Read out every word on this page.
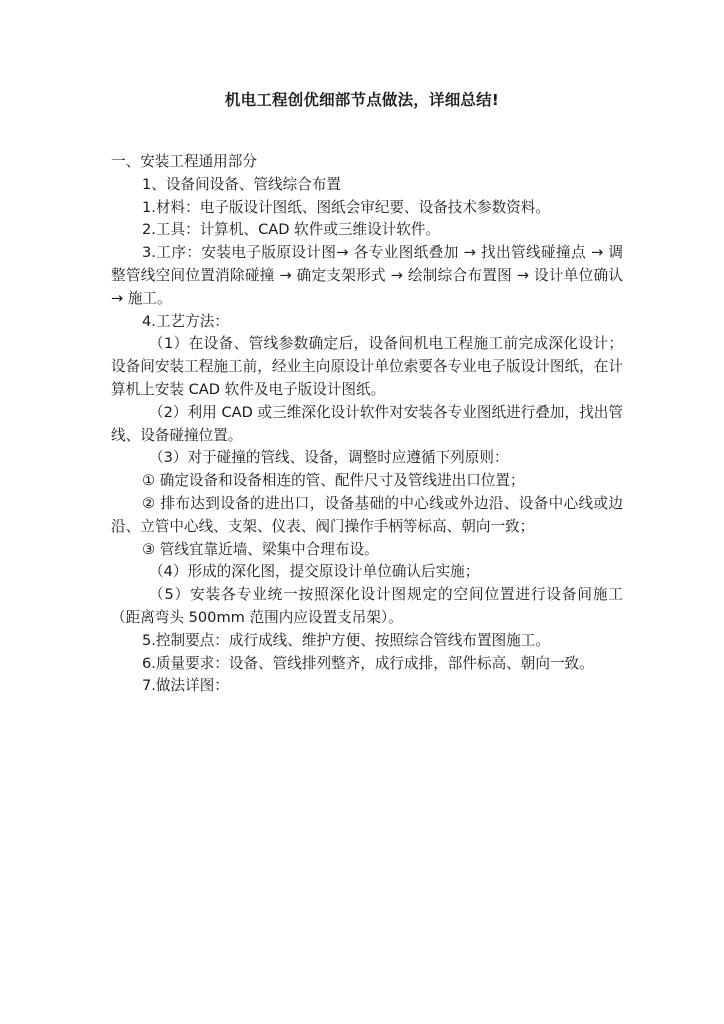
机电工程创优细部节点做法，详细总结!

一、安装工程通用部分

1、设备间设备、管线综合布置

1.材料：电子版设计图纸、图纸会审纪要、设备技术参数资料。

2.工具：计算机、CAD 软件或三维设计软件。

3.工序：安装电子版原设计图→ 各专业图纸叠加 → 找出管线碰撞点 → 调整管线空间位置消除碰撞 → 确定支架形式 → 绘制综合布置图 → 设计单位确认 → 施工。

4.工艺方法：

（1）在设备、管线参数确定后，设备间机电工程施工前完成深化设计；设备间安装工程施工前，经业主向原设计单位索要各专业电子版设计图纸，在计算机上安装 CAD 软件及电子版设计图纸。

（2）利用 CAD 或三维深化设计软件对安装各专业图纸进行叠加，找出管线、设备碰撞位置。

（3）对于碰撞的管线、设备，调整时应遵循下列原则：

① 确定设备和设备相连的管、配件尺寸及管线进出口位置；

② 排布达到设备的进出口，设备基础的中心线或外边沿、设备中心线或边沿、立管中心线、支架、仪表、阀门操作手柄等标高、朝向一致；

③ 管线宜靠近墙、梁集中合理布设。

（4）形成的深化图，提交原设计单位确认后实施；

（5）安装各专业统一按照深化设计图规定的空间位置进行设备间施工（距离弯头 500mm 范围内应设置支吊架）。

5.控制要点：成行成线、维护方便、按照综合管线布置图施工。

6.质量要求：设备、管线排列整齐，成行成排，部件标高、朝向一致。

7.做法详图：
